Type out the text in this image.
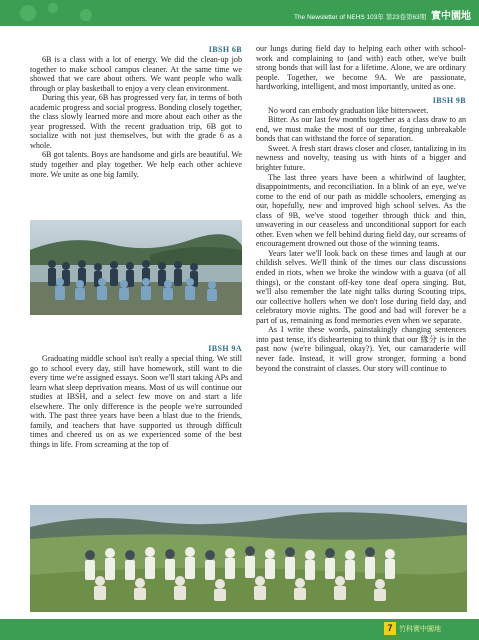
The Newsletter of NEHS 103年 第23卷第63期 實中園地
IBSH 6B

6B is a class with a lot of energy. We did the clean-up job together to make school campus cleaner. At the same time we showed that we care about others. We want people who walk through or play basketball to enjoy a very clean environment.

During this year, 6B has progressed very far, in terms of both academic progress and social progress. Bonding closely together, the class slowly learned more and more about each other as the year progressed. With the recent graduation trip, 6B got to socialize with not just themselves, but with the grade 6 as a whole.

6B got talents. Boys are handsome and girls are beautiful. We study together and play together. We help each other achieve more. We unite as one big family.

IBSH 9A

Graduating middle school isn't really a special thing. We still go to school every day, still have homework, still want to die every time we're assigned essays. Soon we'll start taking APs and learn what sleep deprivation means. Most of us will continue our studies at IBSH, and a select few move on and start a life elsewhere. The only difference is the people we're surrounded with. The past three years have been a blast due to the friends, family, and teachers that have supported us through difficult times and cheered us on as we experienced some of the best things in life. From screaming at the top of

our lungs during field day to helping each other with school-work and complaining to (and with) each other, we've built strong bonds that will last for a lifetime. Alone, we are ordinary people. Together, we become 9A. We are passionate, hardworking, intelligent, and most importantly, united as one.

IBSH 9B

No word can embody graduation like bittersweet.

Bitter. As our last few months together as a class draw to an end, we must make the most of our time, forging unbreakable bonds that can withstand the force of separation.

Sweet. A fresh start draws closer and closer, tantalizing in its newness and novelty, teasing us with hints of a bigger and brighter future.

The last three years have been a whirlwind of laughter, disappointments, and reconciliation. In a blink of an eye, we've come to the end of our path as middle schoolers, emerging as our, hopefully, new and improved high school selves. As the class of 9B, we've stood together through thick and thin, unwavering in our ceaseless and unconditional support for each other. Even when we fell behind during field day, our screams of encouragement drowned out those of the winning teams.

Years later we'll look back on these times and laugh at our childish selves. We'll think of the times our class discussions ended in riots, when we broke the window with a guava (of all things), or the constant off-key tone deaf opera singing. But, we'll also remember the late night talks during Scouting trips, our collective hollers when we don't lose during field day, and celebratory movie nights. The good and bad will forever be a part of us, remaining as fond memories even when we separate.

As I write these words, painstakingly changing sentences into past tense, it's disheartening to think that our 緣分 is in the past now (we're bilingual, okay?). Yet, our camaraderie will never fade. Instead, it will grow stronger, forming a bond beyond the constraint of classes. Our story will continue to

7 竹科實中園地
